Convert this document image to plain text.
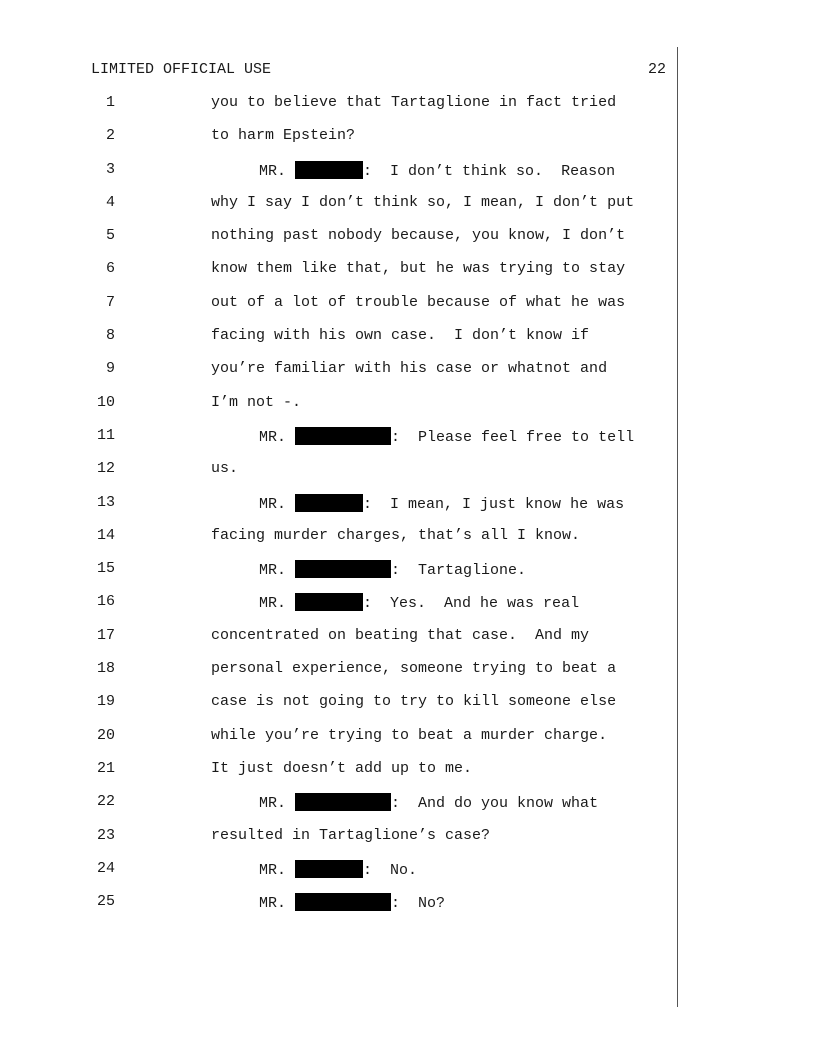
LIMITED OFFICIAL USE	22
1	you to believe that Tartaglione in fact tried
2	to harm Epstein?
3	MR.	:  I don’t think so.  Reason
4	why I say I don’t think so, I mean, I don’t put
5	nothing past nobody because, you know, I don’t
6	know them like that, but he was trying to stay
7	out of a lot of trouble because of what he was
8	facing with his own case.  I don’t know if
9	you’re familiar with his case or whatnot and
10	I’m not -.
11	MR.	:  Please feel free to tell
12	us.
13	MR.	:  I mean, I just know he was
14	facing murder charges, that’s all I know.
15	MR.	:  Tartaglione.
16	MR.	:  Yes.  And he was real
17	concentrated on beating that case.  And my
18	personal experience, someone trying to beat a
19	case is not going to try to kill someone else
20	while you’re trying to beat a murder charge.
21	It just doesn’t add up to me.
22	MR.	:  And do you know what
23	resulted in Tartaglione’s case?
24	MR.	:  No.
25	MR.	:  No?
